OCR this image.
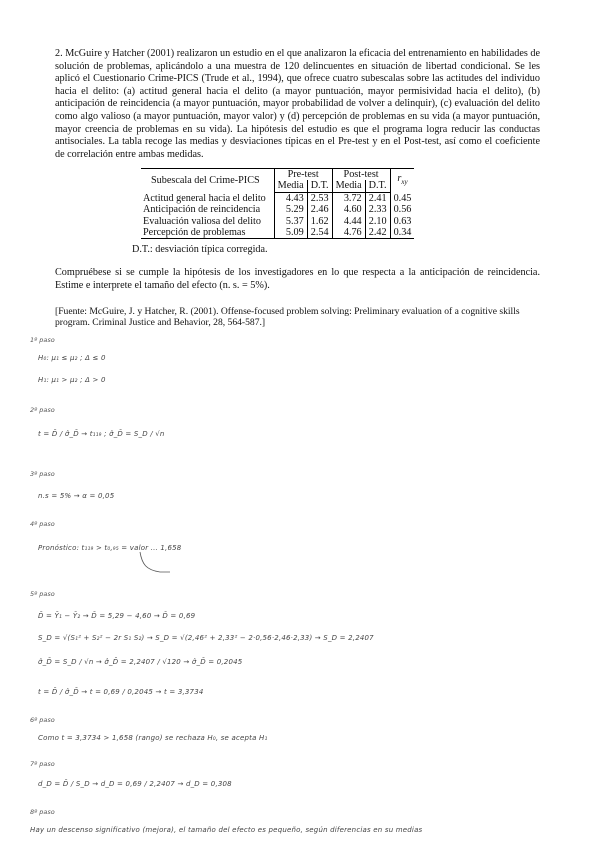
2. McGuire y Hatcher (2001) realizaron un estudio en el que analizaron la eficacia del entrenamiento en habilidades de solución de problemas, aplicándolo a una muestra de 120 delincuentes en situación de libertad condicional. Se les aplicó el Cuestionario Crime-PICS (Trude et al., 1994), que ofrece cuatro subescalas sobre las actitudes del individuo hacia el delito: (a) actitud general hacia el delito (a mayor puntuación, mayor permisividad hacia el delito), (b) anticipación de reincidencia (a mayor puntuación, mayor probabilidad de volver a delinquir), (c) evaluación del delito como algo valioso (a mayor puntuación, mayor valor) y (d) percepción de problemas en su vida (a mayor puntuación, mayor creencia de problemas en su vida). La hipótesis del estudio es que el programa logra reducir las conductas antisociales. La tabla recoge las medias y desviaciones típicas en el Pre-test y en el Post-test, así como el coeficiente de correlación entre ambas medidas.

Subescala del Crime-PICS	Pre-test		Post-test		$r_{xy}$
	Media	D.T.	Media	D.T.	
Actitud general hacia el delito	4.43	2.53	3.72	2.41	0.45
Anticipación de reincidencia	5.29	2.46	4.60	2.33	0.56
Evaluación valiosa del delito	5.37	1.62	4.44	2.10	0.63
Percepción de problemas	5.09	2.54	4.76	2.42	0.34
D.T.: desviación típica corregida.
Compruébese si se cumple la hipótesis de los investigadores en lo que respecta a la anticipación de reincidencia. Estime e interprete el tamaño del efecto (n. s. = 5%).
[Fuente: McGuire, J. y Hatcher, R. (2001). Offense-focused problem solving: Preliminary evaluation of a cognitive skills program. Criminal Justice and Behavior, 28, 564-587.]
1º paso
H₀: μ₁ ≤ μ₂ ; Δ ≤ 0
H₁: μ₁ > μ₂ ; Δ > 0
2º paso
t = D̄ / σ̂_D̄ → t₁₁₉ ; σ̂_D̄ = S_D / √n
3º paso
n.s = 5% → α = 0,05
4º paso
Pronóstico: t₁₁₉ > t₀,₉₅ = valor ... 1,658
5º paso
D̄ = Ȳ₁ − Ȳ₂ → D̄ = 5,29 − 4,60 → D̄ = 0,69
S_D = √(S₁² + S₂² − 2r S₁ S₂) → S_D = √(2,46² + 2,33² − 2·0,56·2,46·2,33) → S_D = 2,2407
σ̂_D̄ = S_D / √n → σ̂_D̄ = 2,2407 / √120 → σ̂_D̄ = 0,2045
t = D̄ / σ̂_D̄ → t = 0,69 / 0,2045 → t = 3,3734
6º paso
Como t = 3,3734 > 1,658 (rango) se rechaza H₀, se acepta H₁
7º paso
d_D = D̄ / S_D → d_D = 0,69 / 2,2407 → d_D = 0,308
8º paso
Hay un descenso significativo (mejora), el tamaño del efecto es pequeño, según diferencias en su medias
